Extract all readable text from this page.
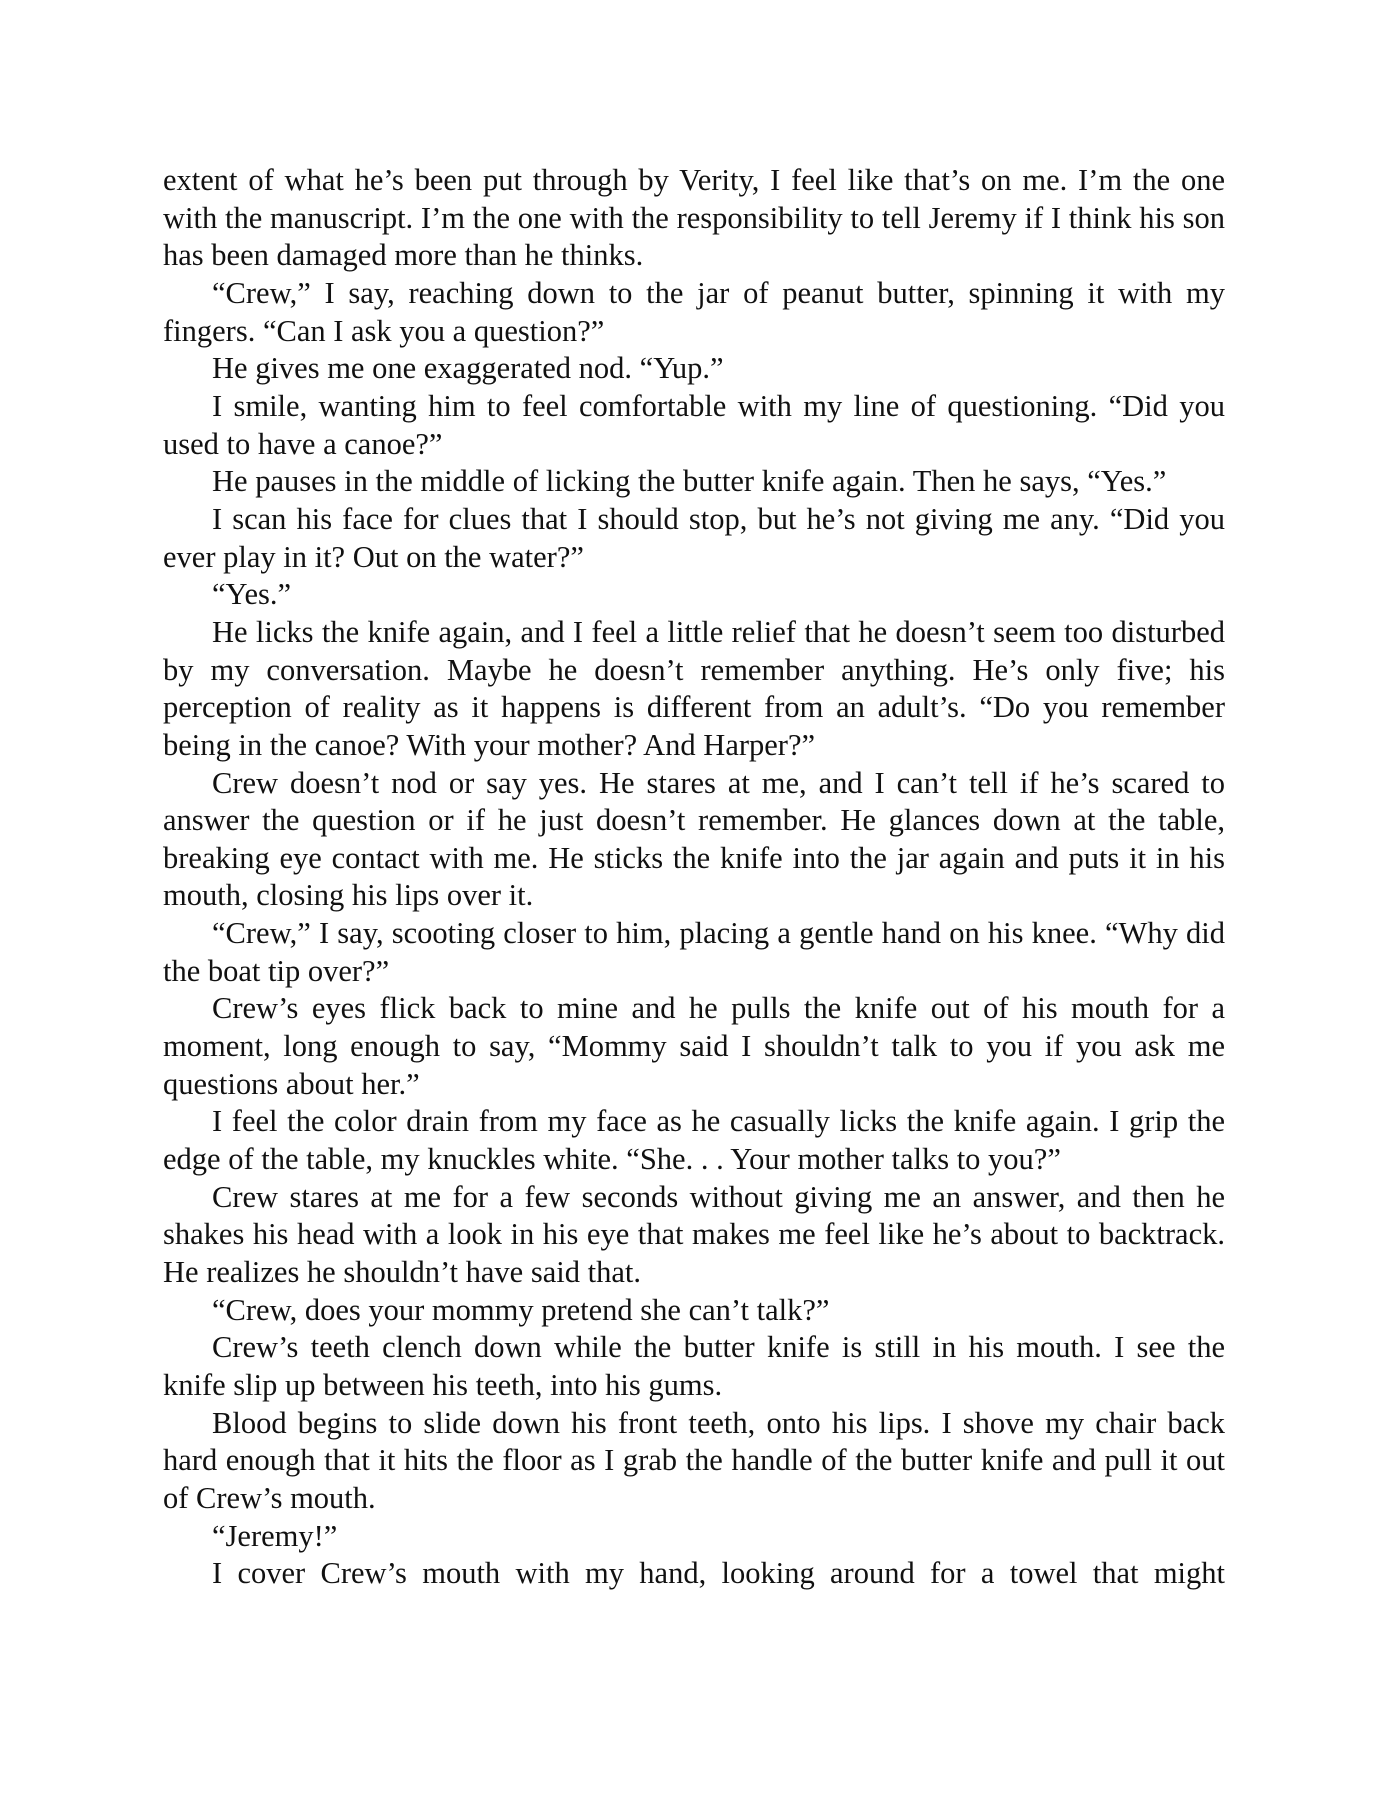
extent of what he’s been put through by Verity, I feel like that’s on me. I’m the one with the manuscript. I’m the one with the responsibility to tell Jeremy if I think his son has been damaged more than he thinks.

“Crew,” I say, reaching down to the jar of peanut butter, spinning it with my fingers. “Can I ask you a question?”

He gives me one exaggerated nod. “Yup.”

I smile, wanting him to feel comfortable with my line of questioning. “Did you used to have a canoe?”

He pauses in the middle of licking the butter knife again. Then he says, “Yes.”

I scan his face for clues that I should stop, but he’s not giving me any. “Did you ever play in it? Out on the water?”

“Yes.”

He licks the knife again, and I feel a little relief that he doesn’t seem too disturbed by my conversation. Maybe he doesn’t remember anything. He’s only five; his perception of reality as it happens is different from an adult’s. “Do you remember being in the canoe? With your mother? And Harper?”

Crew doesn’t nod or say yes. He stares at me, and I can’t tell if he’s scared to answer the question or if he just doesn’t remember. He glances down at the table, breaking eye contact with me. He sticks the knife into the jar again and puts it in his mouth, closing his lips over it.

“Crew,” I say, scooting closer to him, placing a gentle hand on his knee. “Why did the boat tip over?”

Crew’s eyes flick back to mine and he pulls the knife out of his mouth for a moment, long enough to say, “Mommy said I shouldn’t talk to you if you ask me questions about her.”

I feel the color drain from my face as he casually licks the knife again. I grip the edge of the table, my knuckles white. “She. . . Your mother talks to you?”

Crew stares at me for a few seconds without giving me an answer, and then he shakes his head with a look in his eye that makes me feel like he’s about to backtrack. He realizes he shouldn’t have said that.

“Crew, does your mommy pretend she can’t talk?”

Crew’s teeth clench down while the butter knife is still in his mouth. I see the knife slip up between his teeth, into his gums.

Blood begins to slide down his front teeth, onto his lips. I shove my chair back hard enough that it hits the floor as I grab the handle of the butter knife and pull it out of Crew’s mouth.

“Jeremy!”

I cover Crew’s mouth with my hand, looking around for a towel that might
